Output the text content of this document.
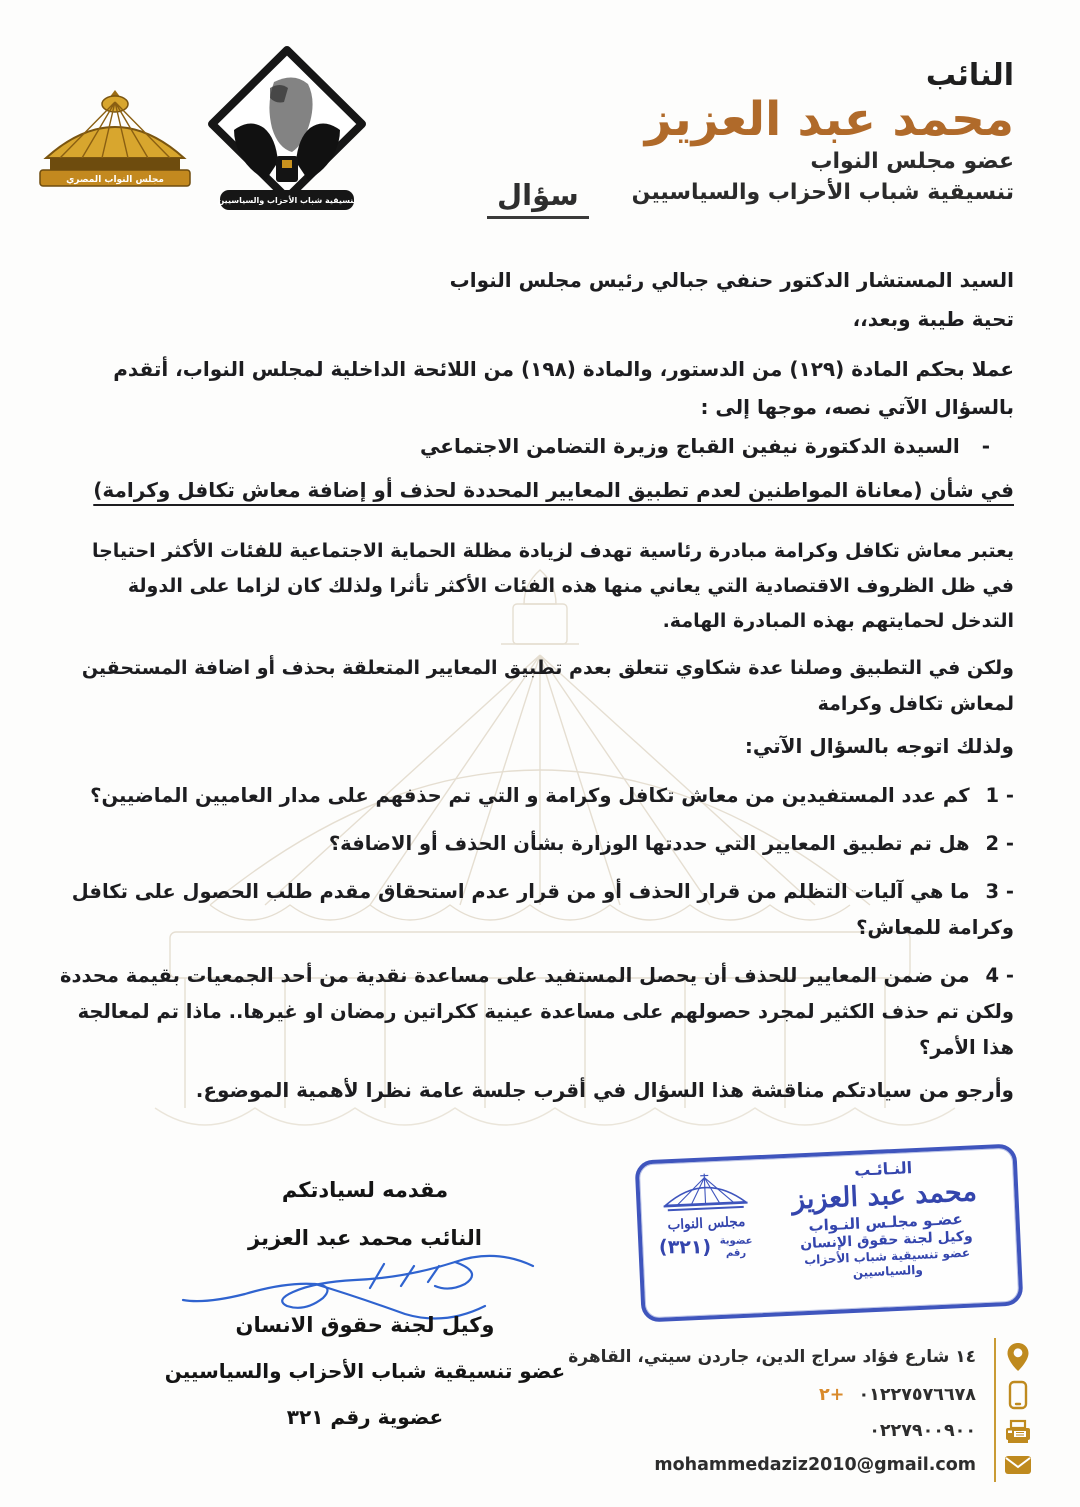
مجلس النواب المصري
تنسيقية شباب الأحزاب والسياسيين
النائب
محمد عبد العزيز
عضو مجلس النواب
تنسيقية شباب الأحزاب والسياسيين
سؤال

السيد المستشار الدكتور حنفي جبالي رئيس مجلس النواب

تحية طيبة وبعد،،

عملا بحكم المادة (١٢٩) من الدستور، والمادة (١٩٨) من اللائحة الداخلية لمجلس النواب، أتقدم بالسؤال الآتي نصه، موجها إلى :

-السيدة الدكتورة نيفين القباج وزيرة التضامن الاجتماعي

في شأن (معاناة المواطنين لعدم تطبيق المعايير المحددة لحذف أو إضافة معاش تكافل وكرامة)

يعتبر معاش تكافل وكرامة مبادرة رئاسية تهدف لزيادة مظلة الحماية الاجتماعية للفئات الأكثر احتياجا في ظل الظروف الاقتصادية التي يعاني منها هذه الفئات الأكثر تأثرا ولذلك كان لزاما على الدولة التدخل لحمايتهم بهذه المبادرة الهامة.

ولكن في التطبيق وصلنا عدة شكاوي تتعلق بعدم تطبيق المعايير المتعلقة بحذف أو اضافة المستحقين لمعاش تكافل وكرامة

ولذلك اتوجه بالسؤال الآتي:

1 -كم عدد المستفيدين من معاش تكافل وكرامة و التي تم حذفهم على مدار العاميين الماضيين؟

2 -هل تم تطبيق المعايير التي حددتها الوزارة بشأن الحذف أو الاضافة؟

3 -ما هي آليات التظلم من قرار الحذف أو من قرار عدم استحقاق مقدم طلب الحصول على تكافل وكرامة للمعاش؟

4 -من ضمن المعايير للحذف أن يحصل المستفيد على مساعدة نقدية من أحد الجمعيات بقيمة محددة ولكن تم حذف الكثير لمجرد حصولهم على مساعدة عينية ككراتين رمضان او غيرها.. ماذا تم لمعالجة هذا الأمر؟

وأرجو من سيادتكم مناقشة هذا السؤال في أقرب جلسة عامة نظرا لأهمية الموضوع.

مقدمه لسيادتكم
النائب محمد عبد العزيز
وكيل لجنة حقوق الانسان
عضو تنسيقية شباب الأحزاب والسياسيين
عضوية رقم ٣٢١
النـائـب
محمد عبد العزيز
عضـو مجلـس النـواب
وكيل لجنة حقوق الإنسان
عضو تنسيقية شباب الأحزاب والسياسيين
مجلس النواب
عضوية رقم
(٣٢١)
١٤ شارع فؤاد سراج الدين، جاردن سيتي، القاهرة
٠١٢٢٧٥٧٦٦٧٨ +٢
٠٢٢٧٩٠٠٩٠٠
mohammedaziz2010@gmail.com
